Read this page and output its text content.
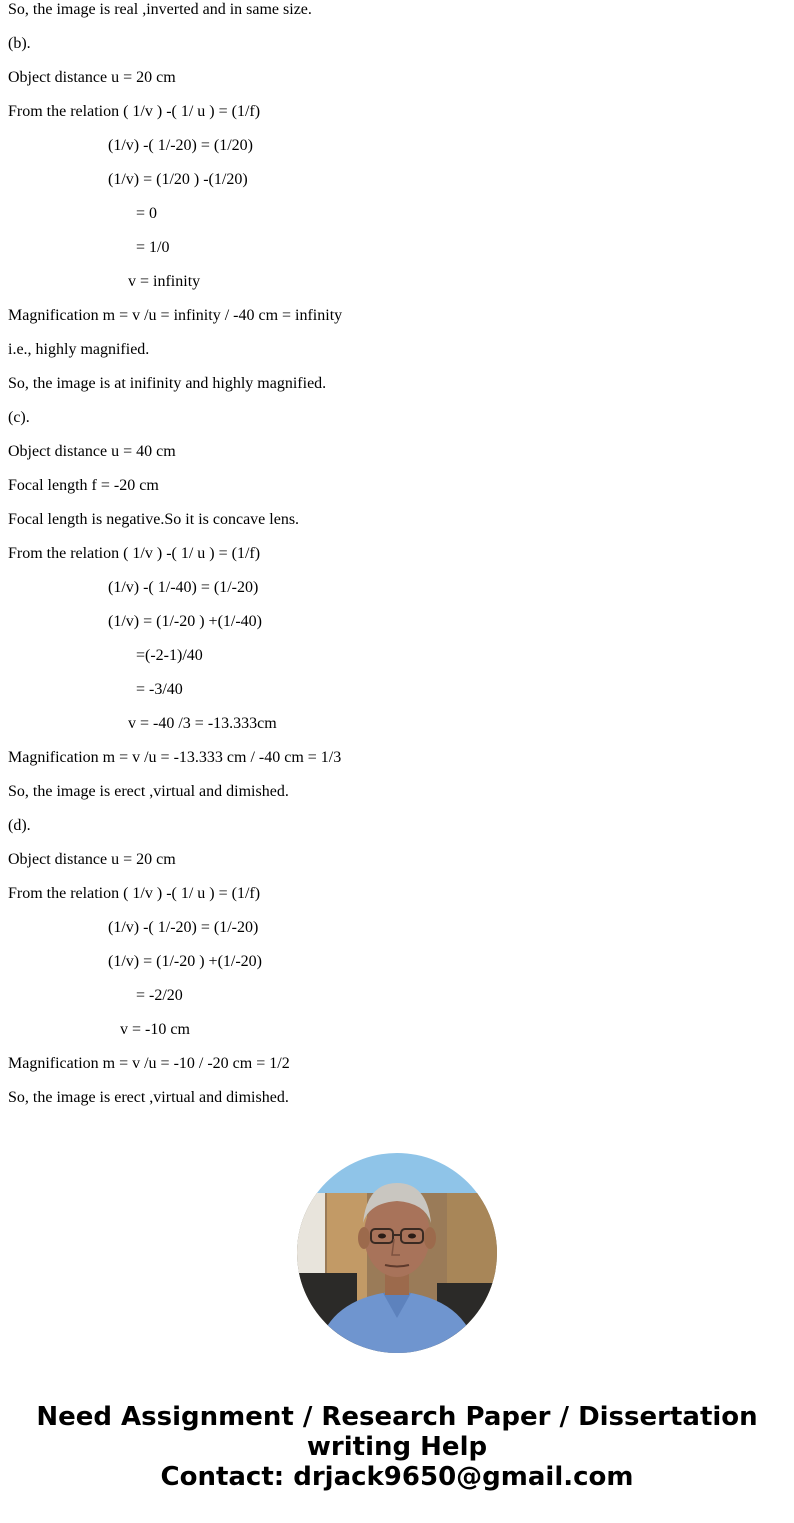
So, the image is real ,inverted and in same size.
(b).
Object distance u = 20 cm
From the relation ( 1/v ) -( 1/ u ) = (1/f)
(1/v) -( 1/-20) = (1/20)
(1/v) = (1/20 ) -(1/20)
= 0
= 1/0
v = infinity
Magnification m = v /u = infinity / -40 cm = infinity
i.e., highly magnified.
So, the image is at inifinity and highly magnified.
(c).
Object distance u = 40 cm
Focal length f = -20 cm
Focal length is negative.So it is concave lens.
From the relation ( 1/v ) -( 1/ u ) = (1/f)
(1/v) -( 1/-40) = (1/-20)
(1/v) = (1/-20 ) +(1/-40)
=(-2-1)/40
= -3/40
v = -40 /3 = -13.333cm
Magnification m = v /u = -13.333 cm / -40 cm = 1/3
So, the image is erect ,virtual and dimished.
(d).
Object distance u = 20 cm
From the relation ( 1/v ) -( 1/ u ) = (1/f)
(1/v) -( 1/-20) = (1/-20)
(1/v) = (1/-20 ) +(1/-20)
= -2/20
v = -10 cm
Magnification m = v /u = -10 / -20 cm = 1/2
So, the image is erect ,virtual and dimished.
Need Assignment / Research Paper / Dissertation
writing Help
Contact: drjack9650@gmail.com
